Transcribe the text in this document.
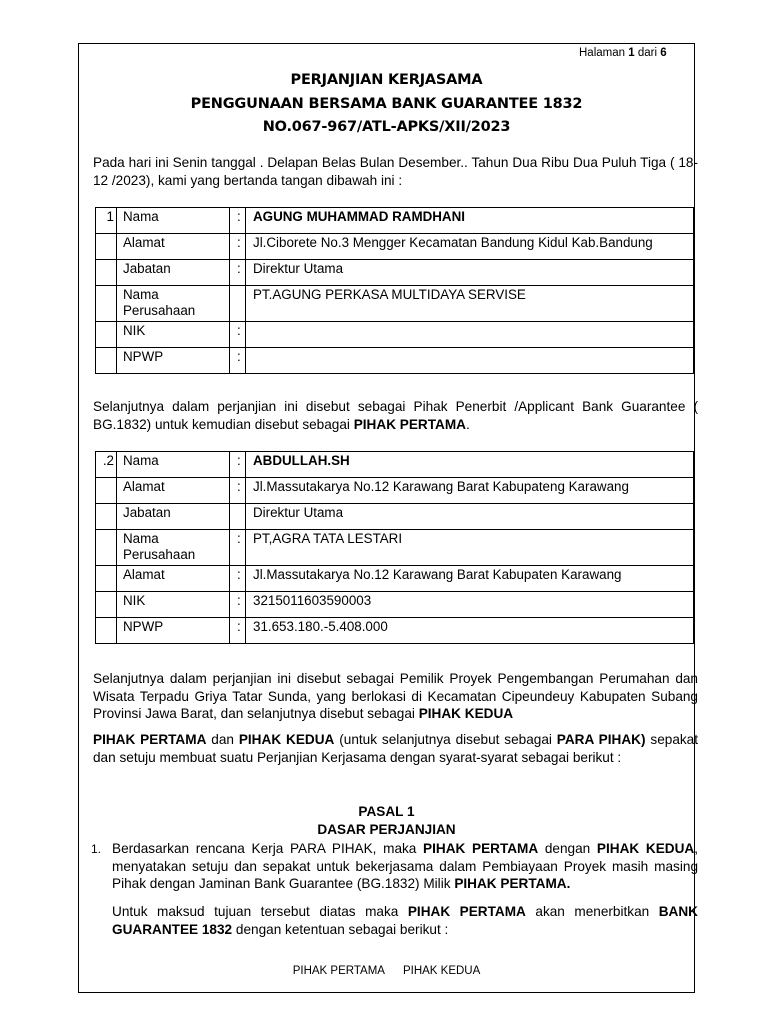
Halaman 1 dari 6
PERJANJIAN KERJASAMA
PENGGUNAAN BERSAMA BANK GUARANTEE 1832
NO.067-967/ATL-APKS/XII/2023
Pada hari ini Senin tanggal . Delapan Belas Bulan Desember.. Tahun Dua Ribu Dua Puluh Tiga ( 18-12 /2023), kami yang bertanda tangan dibawah ini :
1	Nama	:	AGUNG MUHAMMAD RAMDHANI
	Alamat	:	Jl.Ciborete No.3 Mengger Kecamatan Bandung Kidul Kab.Bandung
	Jabatan	:	Direktur Utama
	Nama Perusahaan		PT.AGUNG PERKASA MULTIDAYA SERVISE
	NIK	:	
	NPWP	:	
Selanjutnya dalam perjanjian ini disebut sebagai Pihak Penerbit /Applicant Bank Guarantee ( BG.1832) untuk kemudian disebut sebagai PIHAK PERTAMA.
.2	Nama	:	ABDULLAH.SH
	Alamat	:	Jl.Massutakarya No.12 Karawang Barat Kabupateng Karawang
	Jabatan		Direktur Utama
	Nama Perusahaan	:	PT,AGRA TATA LESTARI
	Alamat	:	Jl.Massutakarya No.12 Karawang Barat Kabupaten Karawang
	NIK	:	3215011603590003
	NPWP	:	31.653.180.-5.408.000
Selanjutnya dalam perjanjian ini disebut sebagai Pemilik Proyek Pengembangan Perumahan dan Wisata Terpadu Griya Tatar Sunda, yang berlokasi di Kecamatan Cipeundeuy Kabupaten Subang Provinsi Jawa Barat, dan selanjutnya disebut sebagai PIHAK KEDUA
PIHAK PERTAMA dan PIHAK KEDUA (untuk selanjutnya disebut sebagai PARA PIHAK) sepakat dan setuju membuat suatu Perjanjian Kerjasama dengan syarat-syarat sebagai berikut :
PASAL 1
DASAR PERJANJIAN
1. Berdasarkan rencana Kerja PARA PIHAK, maka PIHAK PERTAMA dengan PIHAK KEDUA, menyatakan setuju dan sepakat untuk bekerjasama dalam Pembiayaan Proyek masih masing Pihak dengan Jaminan Bank Guarantee (BG.1832) Milik PIHAK PERTAMA.
Untuk maksud tujuan tersebut diatas maka PIHAK PERTAMA akan menerbitkan BANK GUARANTEE 1832 dengan ketentuan sebagai berikut :
PIHAK PERTAMA PIHAK KEDUA
